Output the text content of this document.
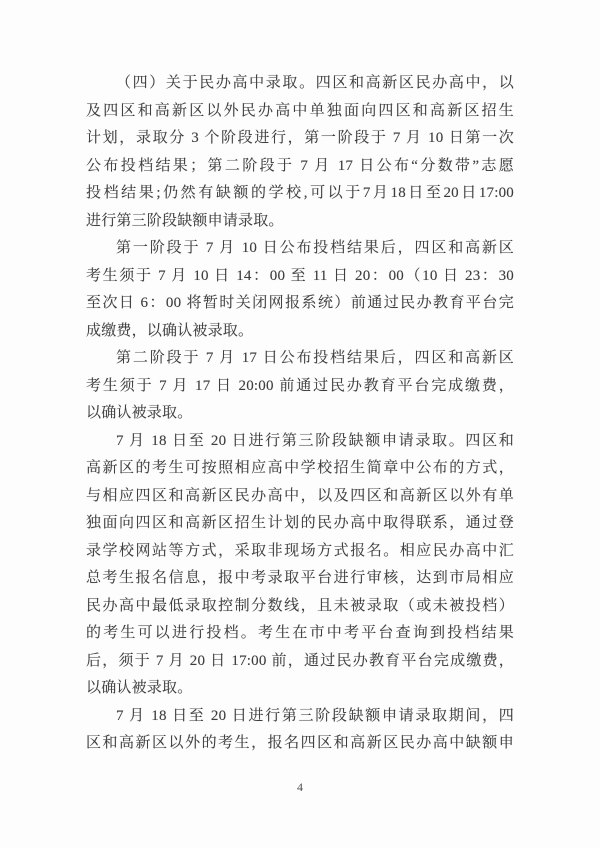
（四）关于民办高中录取。四区和高新区民办高中，以
及四区和高新区以外民办高中单独面向四区和高新区招生
计划，录取分 3 个阶段进行，第一阶段于 7 月 10 日第一次
公布投档结果；第二阶段于 7 月 17 日公布“分数带”志愿
投档结果;仍然有缺额的学校,可以于7月18日至20日17:00
进行第三阶段缺额申请录取。
第一阶段于 7 月 10 日公布投档结果后，四区和高新区
考生须于 7 月 10 日 14：00 至 11 日 20：00（10 日 23：30
至次日 6：00 将暂时关闭网报系统）前通过民办教育平台完
成缴费，以确认被录取。
第二阶段于 7 月 17 日公布投档结果后，四区和高新区
考生须于 7 月 17 日 20:00 前通过民办教育平台完成缴费，
以确认被录取。
7 月 18 日至 20 日进行第三阶段缺额申请录取。四区和
高新区的考生可按照相应高中学校招生简章中公布的方式，
与相应四区和高新区民办高中，以及四区和高新区以外有单
独面向四区和高新区招生计划的民办高中取得联系，通过登
录学校网站等方式，采取非现场方式报名。相应民办高中汇
总考生报名信息，报中考录取平台进行审核，达到市局相应
民办高中最低录取控制分数线，且未被录取（或未被投档）
的考生可以进行投档。考生在市中考平台查询到投档结果
后，须于 7 月 20 日 17:00 前，通过民办教育平台完成缴费，
以确认被录取。
7 月 18 日至 20 日进行第三阶段缺额申请录取期间，四
区和高新区以外的考生，报名四区和高新区民办高中缺额申
4
